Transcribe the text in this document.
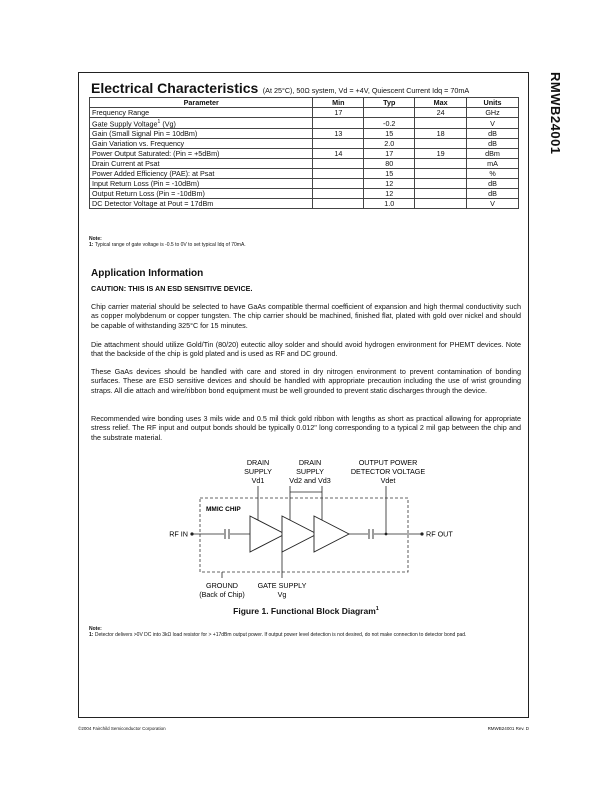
RMWB24001
Electrical Characteristics (At 25°C), 50Ω system, Vd = +4V, Quiescent Current Idq = 70mA
Parameter	Min	Typ	Max	Units
Frequency Range	17		24	GHz
Gate Supply Voltage$^1$ (Vg)		-0.2		V
Gain (Small Signal Pin = 10dBm)	13	15	18	dB
Gain Variation vs. Frequency		2.0		dB
Power Output Saturated: (Pin = +5dBm)	14	17	19	dBm
Drain Current at Psat		80		mA
Power Added Efficiency (PAE): at Psat		15		%
Input Return Loss (Pin = -10dBm)		12		dB
Output Return Loss (Pin = -10dBm)		12		dB
DC Detector Voltage at Pout = 17dBm		1.0		V
Note:
1: Typical range of gate voltage is -0.5 to 0V to set typical Idq of 70mA.
Application Information
CAUTION: THIS IS AN ESD SENSITIVE DEVICE.

Chip carrier material should be selected to have GaAs compatible thermal coefficient of expansion and high thermal conductivity such as copper molybdenum or copper tungsten. The chip carrier should be machined, finished flat, plated with gold over nickel and should be capable of withstanding 325°C for 15 minutes.

Die attachment should utilize Gold/Tin (80/20) eutectic alloy solder and should avoid hydrogen environment for PHEMT devices. Note that the backside of the chip is gold plated and is used as RF and DC ground.

These GaAs devices should be handled with care and stored in dry nitrogen environment to prevent contamination of bonding surfaces. These are ESD sensitive devices and should be handled with appropriate precaution including the use of wrist grounding straps. All die attach and wire/ribbon bond equipment must be well grounded to prevent static discharges through the device.

Recommended wire bonding uses 3 mils wide and 0.5 mil thick gold ribbon with lengths as short as practical allowing for appropriate stress relief. The RF input and output bonds should be typically 0.012" long corresponding to a typical 2 mil gap between the chip and the substrate material.

DRAIN
SUPPLY
Vd1
DRAIN
SUPPLY
Vd2 and Vd3
OUTPUT POWER
DETECTOR VOLTAGE
Vdet
MMIC CHIP
RF IN	RF OUT
GROUND
(Back of Chip)
GATE SUPPLY
Vg
Figure 1. Functional Block Diagram$^1$
Note:
1: Detector delivers >0V DC into 3kΩ load resistor for > +17dBm output power. If output power level detection is not desired, do not make connection to detector bond pad.
©2004 Fairchild Semiconductor Corporation	RMWB24001 Rev. D
